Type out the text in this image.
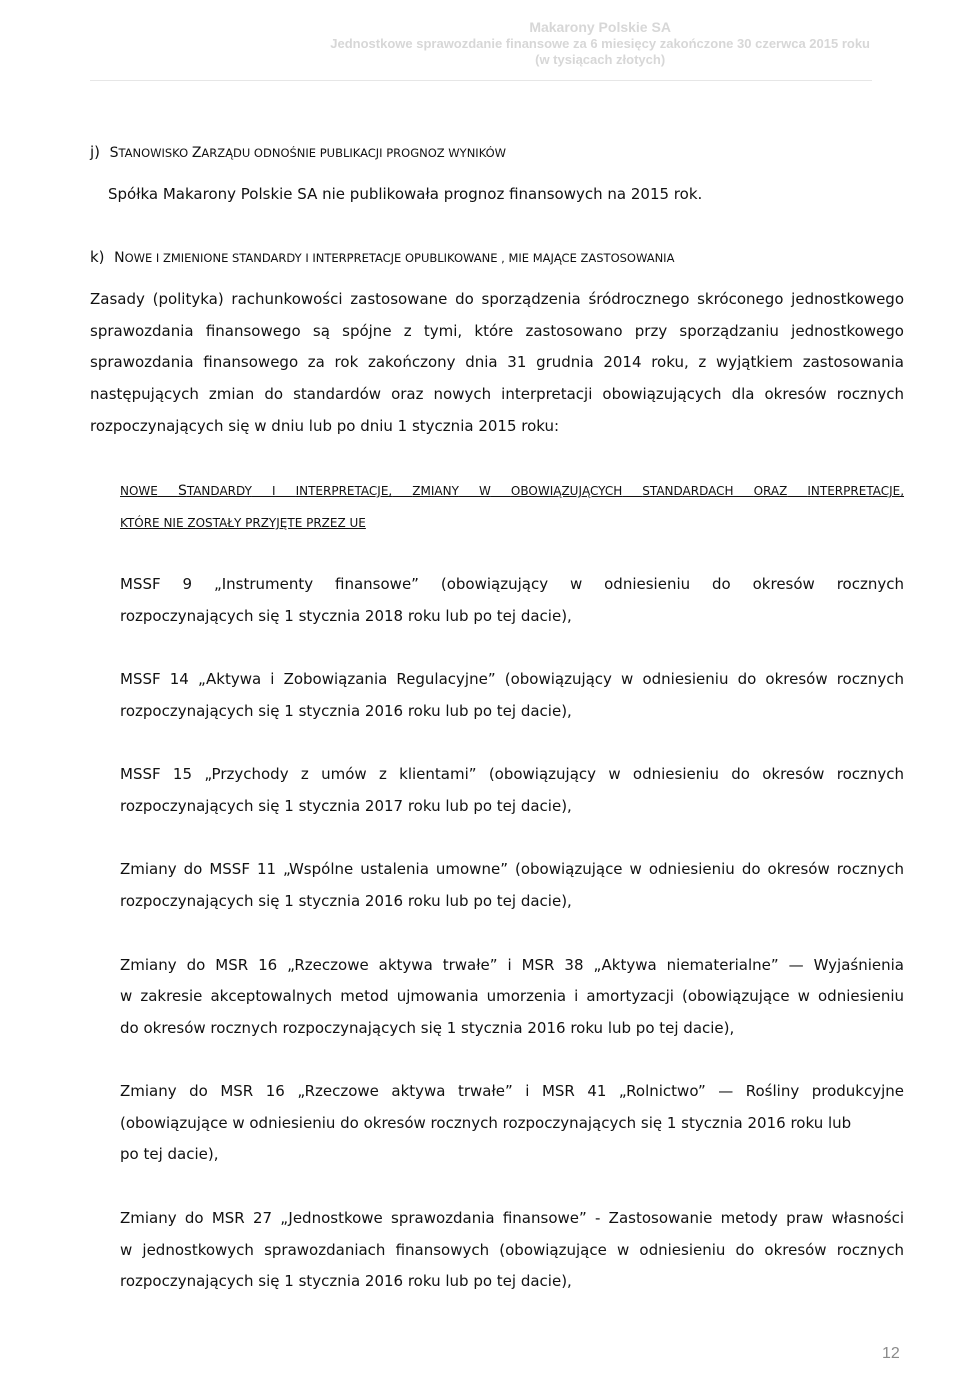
Makarony Polskie SA
Jednostkowe sprawozdanie finansowe za 6 miesięcy zakończone 30 czerwca 2015 roku
(w tysiącach złotych)
j) STANOWISKO ZARZĄDU ODNOŚNIE PUBLIKACJI PROGNOZ WYNIKÓW
Spółka Makarony Polskie SA nie publikowała prognoz finansowych na 2015 rok.
k) NOWE I ZMIENIONE STANDARDY I INTERPRETACJE OPUBLIKOWANE , MIE MAJĄCE ZASTOSOWANIA
Zasady (polityka) rachunkowości zastosowane do sporządzenia śródrocznego skróconego jednostkowego
sprawozdania finansowego są spójne z tymi, które zastosowano przy sporządzaniu jednostkowego
sprawozdania finansowego za rok zakończony dnia 31 grudnia 2014 roku, z wyjątkiem zastosowania
następujących zmian do standardów oraz nowych interpretacji obowiązujących dla okresów rocznych
rozpoczynających się w dniu lub po dniu 1 stycznia 2015 roku:
NOWE STANDARDY I INTERPRETACJE, ZMIANY W OBOWIĄZUJĄCYCH STANDARDACH ORAZ INTERPRETACJE,
KTÓRE NIE ZOSTAŁY PRZYJĘTE PRZEZ UE
MSSF 9 „Instrumenty finansowe” (obowiązujący w odniesieniu do okresów rocznych
rozpoczynających się 1 stycznia 2018 roku lub po tej dacie),
MSSF 14 „Aktywa i Zobowiązania Regulacyjne” (obowiązujący w odniesieniu do okresów rocznych
rozpoczynających się 1 stycznia 2016 roku lub po tej dacie),
MSSF 15 „Przychody z umów z klientami” (obowiązujący w odniesieniu do okresów rocznych
rozpoczynających się 1 stycznia 2017 roku lub po tej dacie),
Zmiany do MSSF 11 „Wspólne ustalenia umowne” (obowiązujące w odniesieniu do okresów rocznych
rozpoczynających się 1 stycznia 2016 roku lub po tej dacie),
Zmiany do MSR 16 „Rzeczowe aktywa trwałe” i MSR 38 „Aktywa niematerialne” — Wyjaśnienia
w zakresie akceptowalnych metod ujmowania umorzenia i amortyzacji (obowiązujące w odniesieniu
do okresów rocznych rozpoczynających się 1 stycznia 2016 roku lub po tej dacie),
Zmiany do MSR 16 „Rzeczowe aktywa trwałe” i MSR 41 „Rolnictwo” — Rośliny produkcyjne
(obowiązujące w odniesieniu do okresów rocznych rozpoczynających się 1 stycznia 2016 roku lub
po tej dacie),
Zmiany do MSR 27 „Jednostkowe sprawozdania finansowe” - Zastosowanie metody praw własności
w jednostkowych sprawozdaniach finansowych (obowiązujące w odniesieniu do okresów rocznych
rozpoczynających się 1 stycznia 2016 roku lub po tej dacie),
12
